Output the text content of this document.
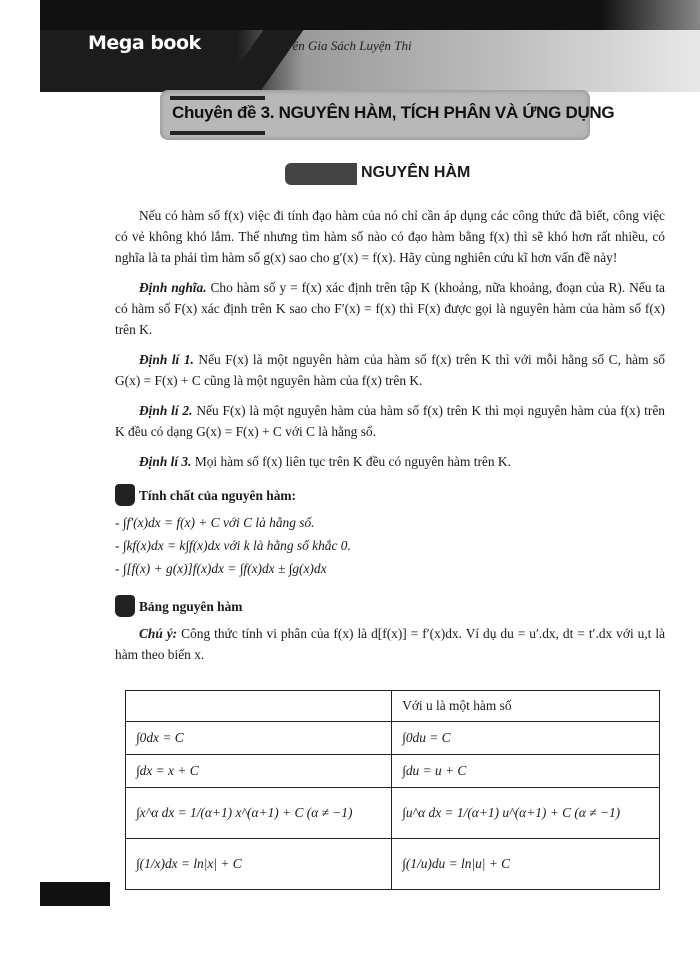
Mega book	Chuyên Gia Sách Luyện Thi
Chuyên đề 3. NGUYÊN HÀM, TÍCH PHÂN VÀ ỨNG DỤNG
NGUYÊN HÀM

Nếu có hàm số f(x) việc đi tính đạo hàm của nó chỉ cần áp dụng các công thức đã biết, công việc có vẻ không khó lắm. Thế nhưng tìm hàm số nào có đạo hàm bằng f(x) thì sẽ khó hơn rất nhiều, có nghĩa là ta phải tìm hàm số g(x) sao cho g′(x) = f(x). Hãy cùng nghiên cứu kĩ hơn vấn đề này!

Định nghĩa. Cho hàm số y = f(x) xác định trên tập K (khoảng, nữa khoảng, đoạn của R). Nếu ta có hàm số F(x) xác định trên K sao cho F′(x) = f(x) thì F(x) được gọi là nguyên hàm của hàm số f(x) trên K.

Định lí 1. Nếu F(x) là một nguyên hàm của hàm số f(x) trên K thì với mỗi hằng số C, hàm số G(x) = F(x) + C cũng là một nguyên hàm của f(x) trên K.

Định lí 2. Nếu F(x) là một nguyên hàm của hàm số f(x) trên K thì mọi nguyên hàm của f(x) trên K đều có dạng G(x) = F(x) + C với C là hằng số.

Định lí 3. Mọi hàm số f(x) liên tục trên K đều có nguyên hàm trên K.

Tính chất của nguyên hàm:
- ∫f′(x)dx = f(x) + C với C là hằng số.
- ∫kf(x)dx = k∫f(x)dx với k là hằng số khắc 0.
- ∫[f(x) + g(x)]f(x)dx = ∫f(x)dx ± ∫g(x)dx
Bảng nguyên hàm

Chú ý: Công thức tính vi phân của f(x) là d[f(x)] = f′(x)dx. Ví dụ du = u′.dx, dt = t′.dx với u,t là hàm theo biến x.

	Với u là một hàm số
∫0dx = C	∫0du = C
∫dx = x + C	∫du = u + C
∫x^α dx = 1/(α+1) x^(α+1) + C (α ≠ −1)	∫u^α dx = 1/(α+1) u^(α+1) + C (α ≠ −1)
∫(1/x)dx = ln|x| + C	∫(1/u)du = ln|u| + C
